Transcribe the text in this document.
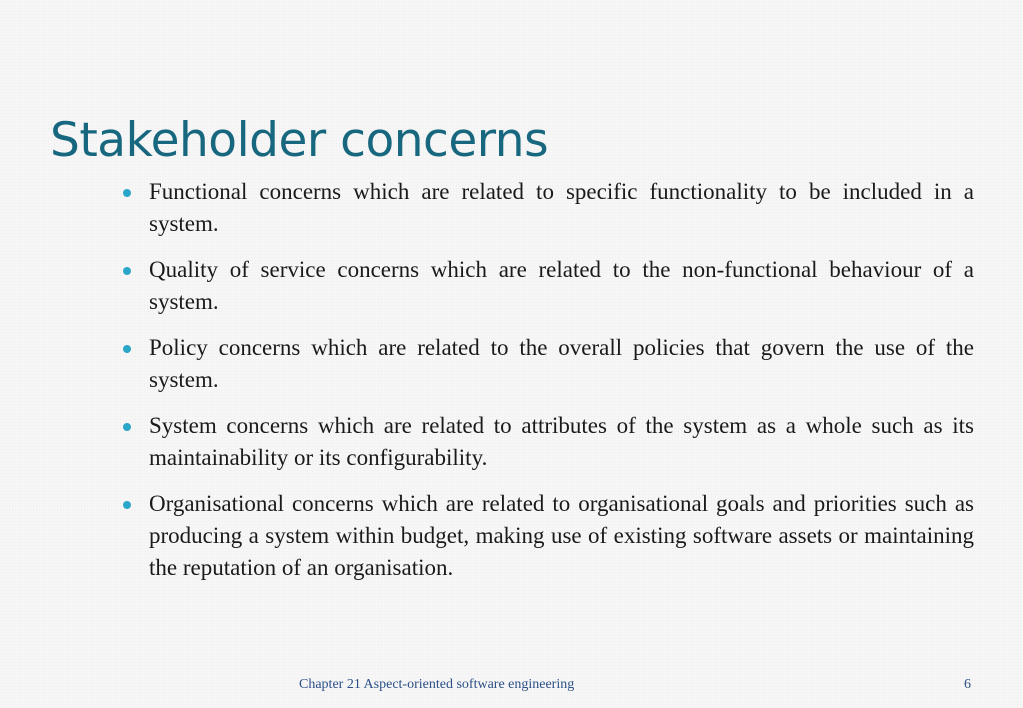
Stakeholder concerns
Functional concerns which are related to specific functionality to be included in a system.
Quality of service concerns which are related to the non-functional behaviour of a system.
Policy concerns which are related to the overall policies that govern the use of the system.
System concerns which are related to attributes of the system as a whole such as its maintainability or its configurability.
Organisational concerns which are related to organisational goals and priorities such as producing a system within budget, making use of existing software assets or maintaining the reputation of an organisation.
Chapter 21 Aspect-oriented software engineering	6
